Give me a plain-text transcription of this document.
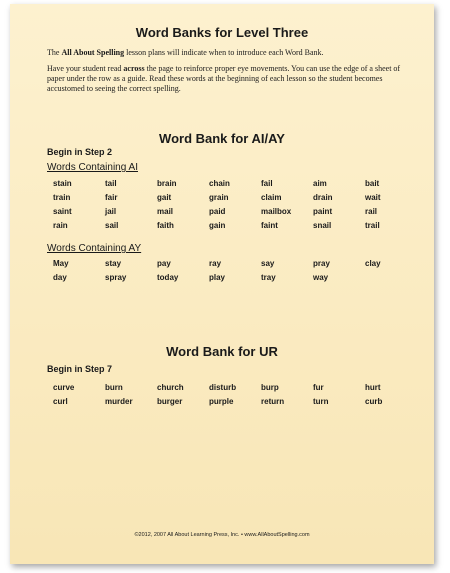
Word Banks for Level Three
The All About Spelling lesson plans will indicate when to introduce each Word Bank.
Have your student read across the page to reinforce proper eye movements. You can use the edge of a sheet of paper under the row as a guide. Read these words at the beginning of each lesson so the student becomes accustomed to seeing the correct spelling.
Word Bank for AI/AY
Begin in Step 2
Words Containing AI
stain	tail	brain	chain	fail	aim	bait
train	fair	gait	grain	claim	drain	wait
saint	jail	mail	paid	mailbox	paint	rail
rain	sail	faith	gain	faint	snail	trail
Words Containing AY
May	stay	pay	ray	say	pray	clay
day	spray	today	play	tray	way
Word Bank for UR
Begin in Step 7
curve	burn	church	disturb	burp	fur	hurt
curl	murder	burger	purple	return	turn	curb
©2012, 2007 All About Learning Press, Inc. • www.AllAboutSpelling.com
